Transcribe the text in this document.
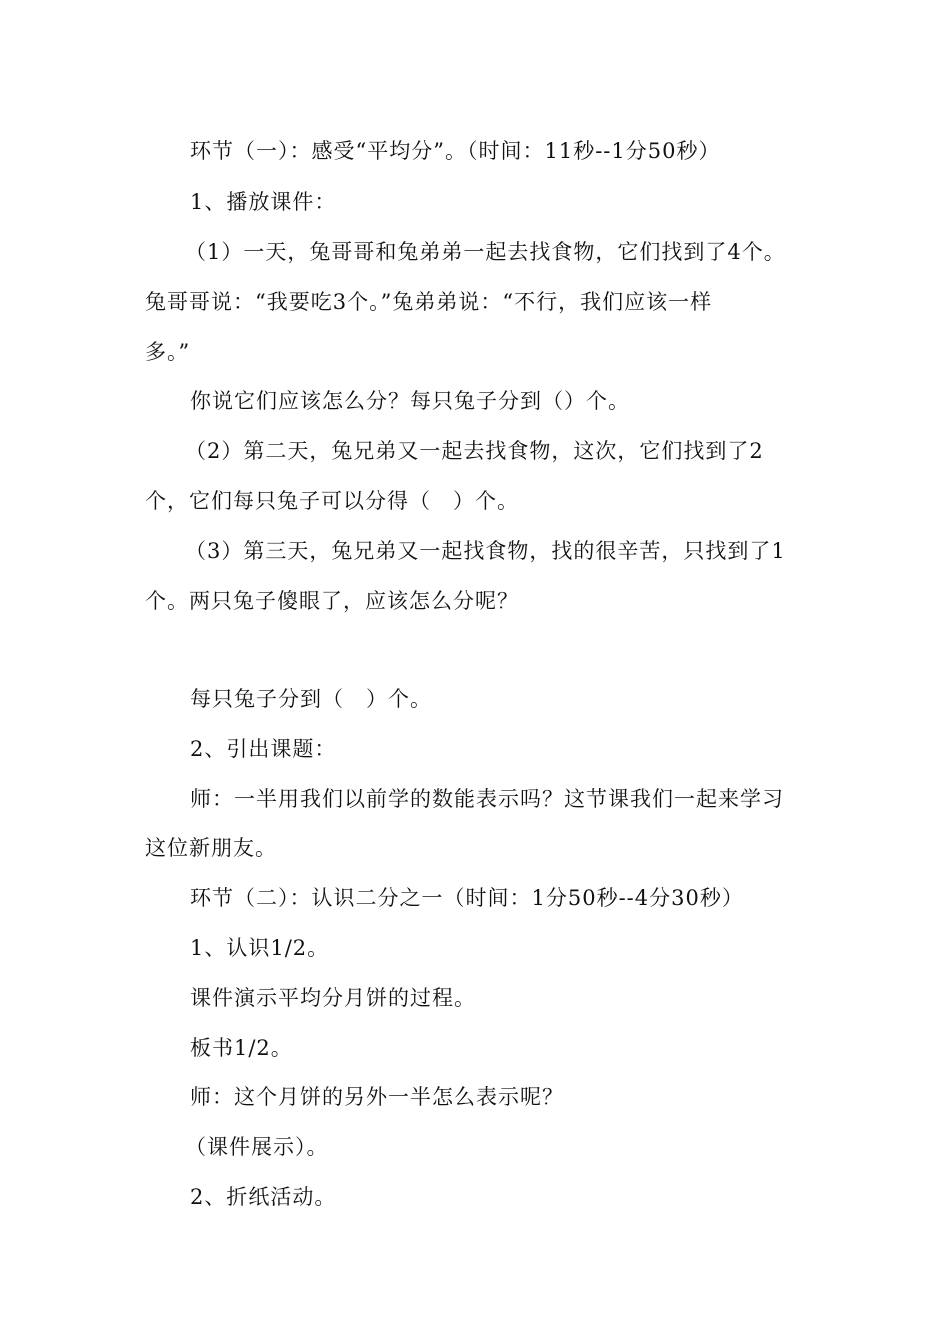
环节（一）：感受“平均分”。（时间：11秒--1分50秒）
1、播放课件：
（1）一天，兔哥哥和兔弟弟一起去找食物，它们找到了4个。
兔哥哥说：“我要吃3个。”兔弟弟说：“不行，我们应该一样
多。”
你说它们应该怎么分？每只兔子分到（）个。
（2）第二天，兔兄弟又一起去找食物，这次，它们找到了2
个，它们每只兔子可以分得（　）个。
（3）第三天，兔兄弟又一起找食物，找的很辛苦，只找到了1
个。两只兔子傻眼了，应该怎么分呢？
每只兔子分到（　）个。
2、引出课题：
师：一半用我们以前学的数能表示吗？这节课我们一起来学习
这位新朋友。
环节（二）：认识二分之一（时间：1分50秒--4分30秒）
1、认识1/2。
课件演示平均分月饼的过程。
板书1/2。
师：这个月饼的另外一半怎么表示呢？
（课件展示）。
2、折纸活动。
